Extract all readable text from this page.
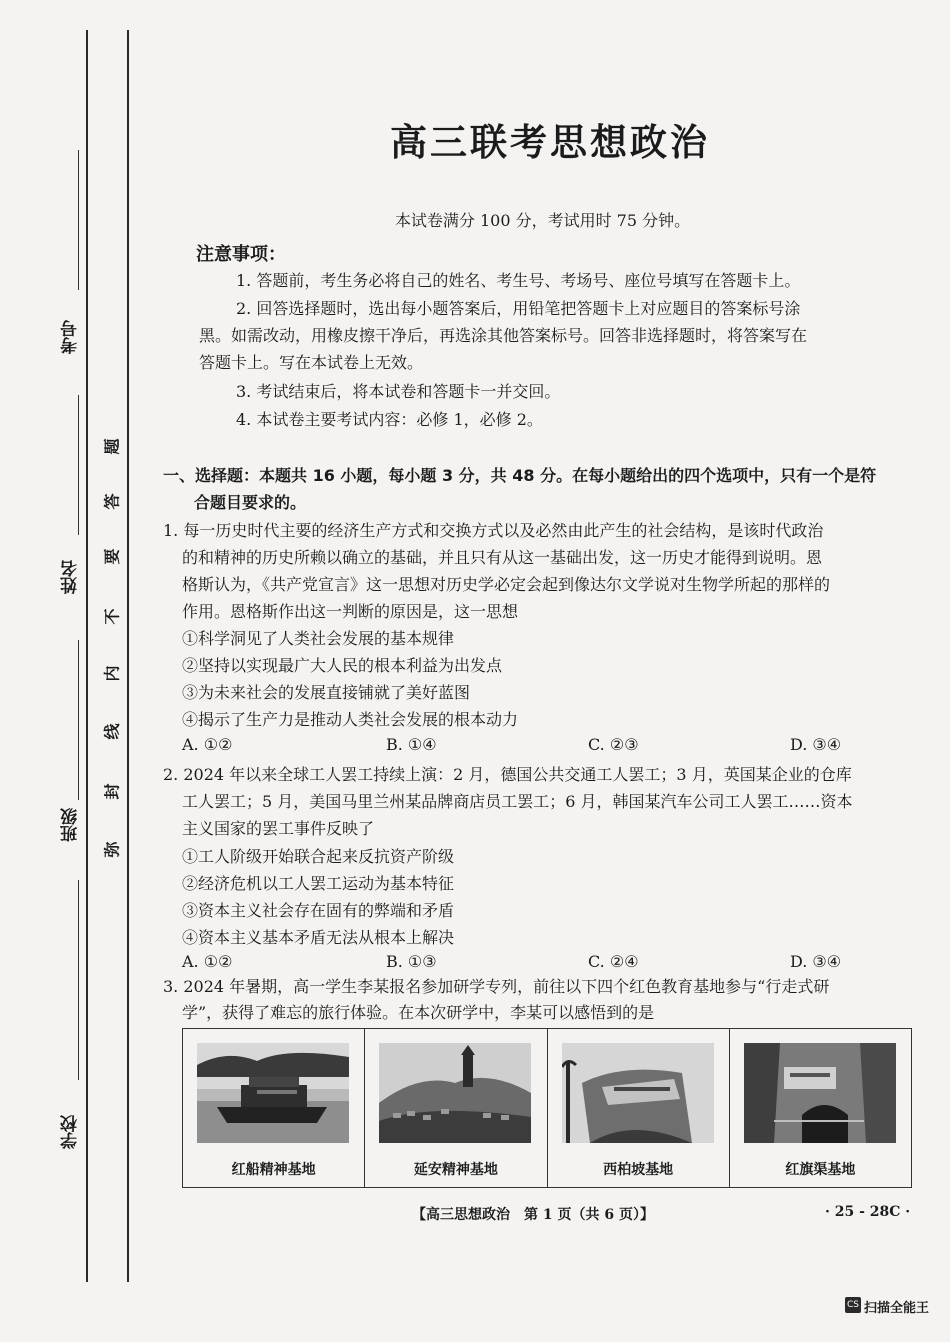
考号
姓名
班级
学校
题
答
要
不
内
线
封
弥
高三联考思想政治
本试卷满分 100 分，考试用时 75 分钟。
注意事项：
1. 答题前，考生务必将自己的姓名、考生号、考场号、座位号填写在答题卡上。
2. 回答选择题时，选出每小题答案后，用铅笔把答题卡上对应题目的答案标号涂
黑。如需改动，用橡皮擦干净后，再选涂其他答案标号。回答非选择题时，将答案写在
答题卡上。写在本试卷上无效。
3. 考试结束后，将本试卷和答题卡一并交回。
4. 本试卷主要考试内容：必修 1，必修 2。
一、选择题：本题共 16 小题，每小题 3 分，共 48 分。在每小题给出的四个选项中，只有一个是符
合题目要求的。
1. 每一历史时代主要的经济生产方式和交换方式以及必然由此产生的社会结构，是该时代政治
的和精神的历史所赖以确立的基础，并且只有从这一基础出发，这一历史才能得到说明。恩
格斯认为，《共产党宣言》这一思想对历史学必定会起到像达尔文学说对生物学所起的那样的
作用。恩格斯作出这一判断的原因是，这一思想
①科学洞见了人类社会发展的基本规律
②坚持以实现最广大人民的根本利益为出发点
③为未来社会的发展直接铺就了美好蓝图
④揭示了生产力是推动人类社会发展的根本动力
A. ①②	B. ①④	C. ②③	D. ③④
2. 2024 年以来全球工人罢工持续上演：2 月，德国公共交通工人罢工；3 月，英国某企业的仓库
工人罢工；5 月，美国马里兰州某品牌商店员工罢工；6 月，韩国某汽车公司工人罢工……资本
主义国家的罢工事件反映了
①工人阶级开始联合起来反抗资产阶级
②经济危机以工人罢工运动为基本特征
③资本主义社会存在固有的弊端和矛盾
④资本主义基本矛盾无法从根本上解决
A. ①②	B. ①③	C. ②④	D. ③④
3. 2024 年暑期，高一学生李某报名参加研学专列，前往以下四个红色教育基地参与“行走式研
学”，获得了难忘的旅行体验。在本次研学中，李某可以感悟到的是
红船精神基地	延安精神基地	西柏坡基地	红旗渠基地
【高三思想政治　第 1 页（共 6 页）】	· 25 - 28C ·
CS 扫描全能王
